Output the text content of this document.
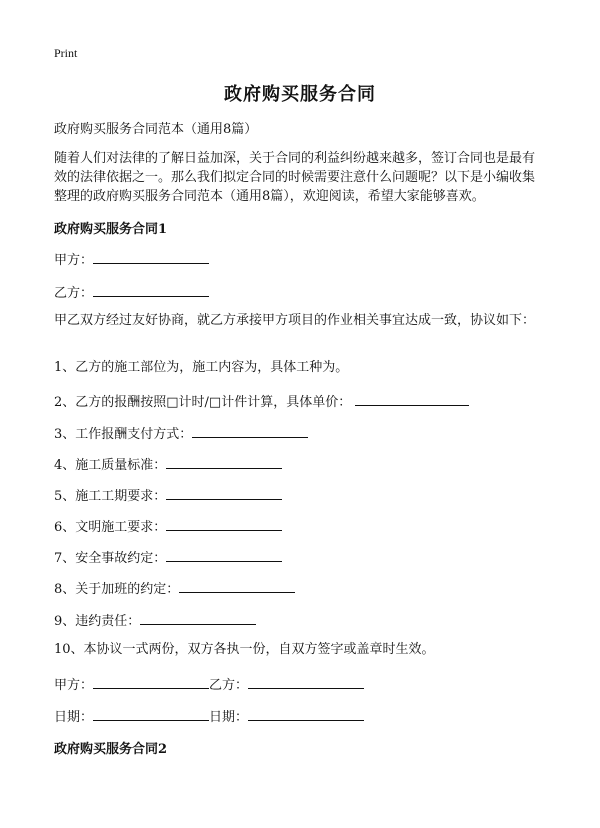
Print
政府购买服务合同
政府购买服务合同范本（通用8篇）
随着人们对法律的了解日益加深，关于合同的利益纠纷越来越多，签订合同也是最有效的法律依据之一。那么我们拟定合同的时候需要注意什么问题呢？以下是小编收集整理的政府购买服务合同范本（通用8篇），欢迎阅读，希望大家能够喜欢。
政府购买服务合同1
甲方：
乙方：
甲乙双方经过友好协商，就乙方承接甲方项目的作业相关事宜达成一致，协议如下：
1、乙方的施工部位为，施工内容为，具体工种为。
2、乙方的报酬按照□计时/□计件计算，具体单价：
3、工作报酬支付方式：
4、施工质量标准：
5、施工工期要求：
6、文明施工要求：
7、安全事故约定：
8、关于加班的约定：
9、违约责任：
10、本协议一式两份，双方各执一份，自双方签字或盖章时生效。
甲方：	乙方：
日期：	日期：
政府购买服务合同2
